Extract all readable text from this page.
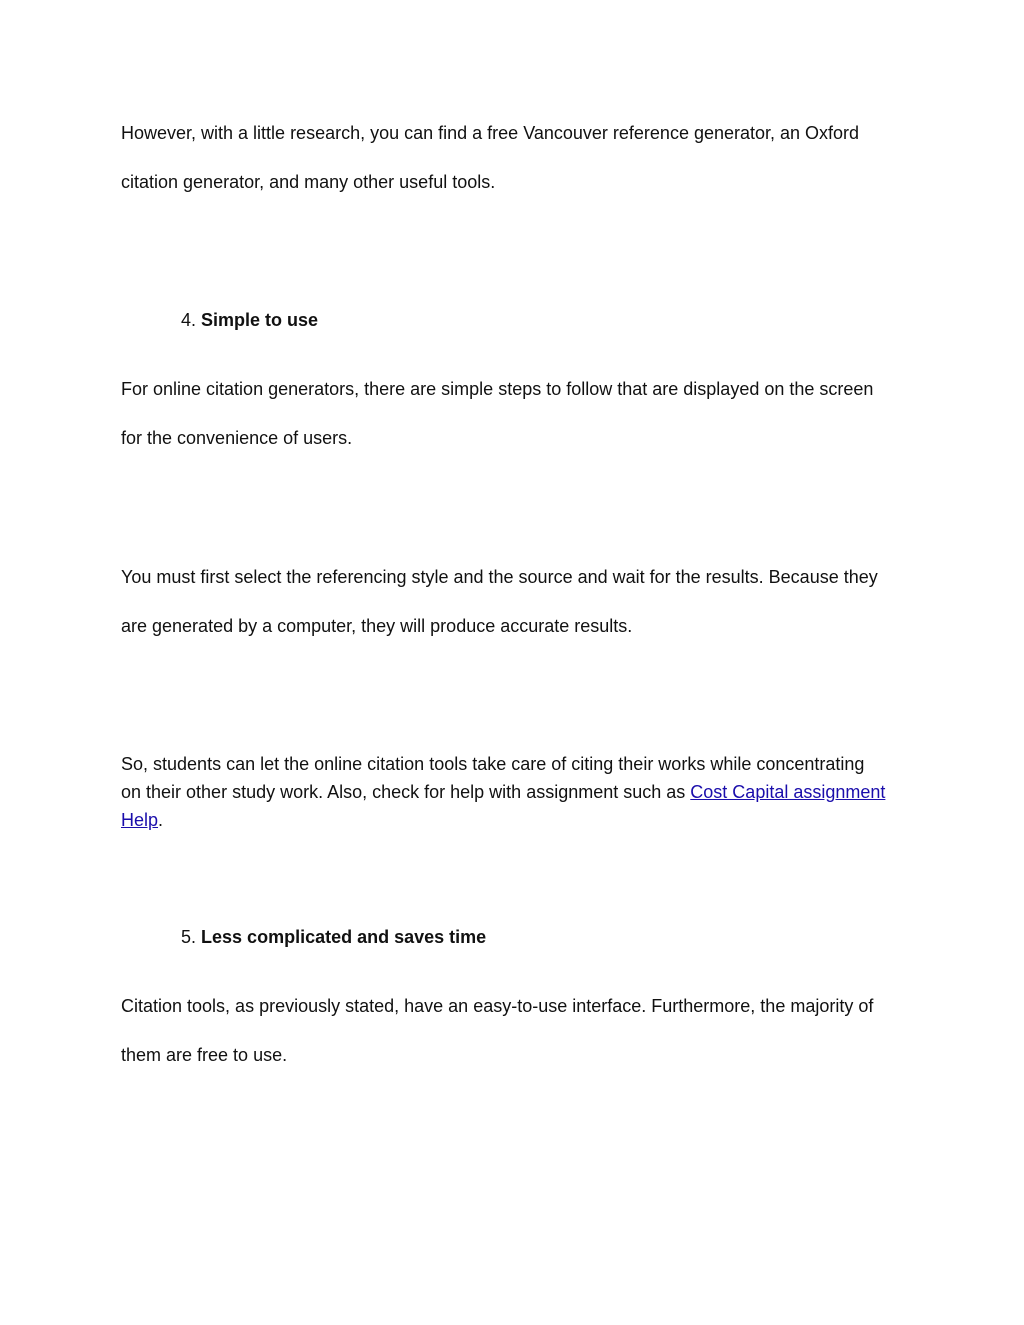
However, with a little research, you can find a free Vancouver reference generator, an Oxford
citation generator, and many other useful tools.
4. Simple to use
For online citation generators, there are simple steps to follow that are displayed on the screen
for the convenience of users.
You must first select the referencing style and the source and wait for the results. Because they
are generated by a computer, they will produce accurate results.
So, students can let the online citation tools take care of citing their works while concentrating
on their other study work. Also, check for help with assignment such as Cost Capital assignment
Help.
5. Less complicated and saves time
Citation tools, as previously stated, have an easy-to-use interface. Furthermore, the majority of
them are free to use.
